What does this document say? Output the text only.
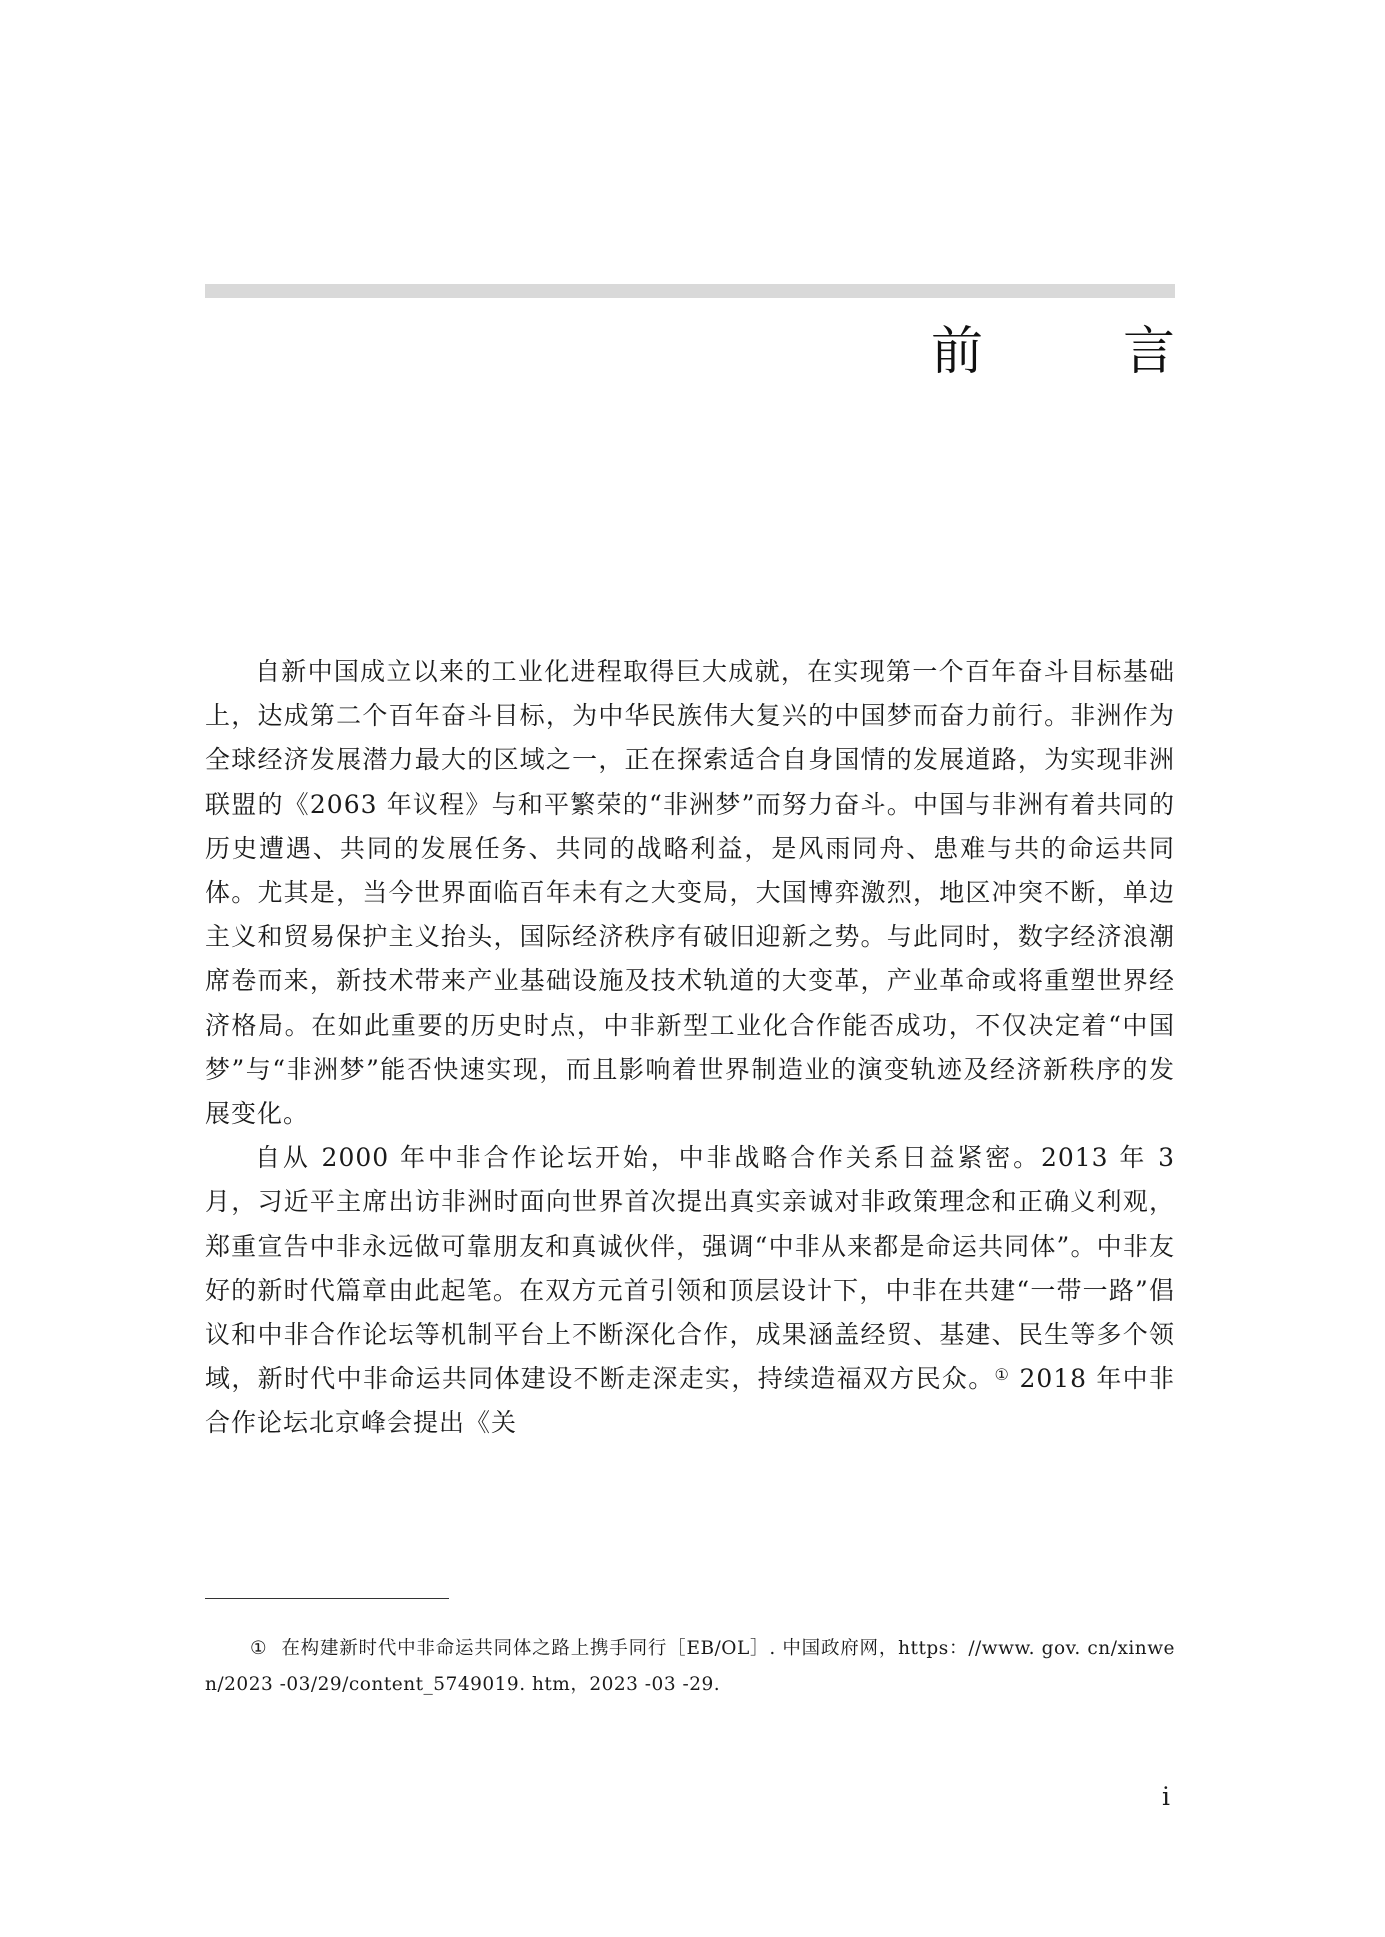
前　言

自新中国成立以来的工业化进程取得巨大成就，在实现第一个百年奋斗目标基础上，达成第二个百年奋斗目标，为中华民族伟大复兴的中国梦而奋力前行。非洲作为全球经济发展潜力最大的区域之一，正在探索适合自身国情的发展道路，为实现非洲联盟的《2063 年议程》与和平繁荣的“非洲梦”而努力奋斗。中国与非洲有着共同的历史遭遇、共同的发展任务、共同的战略利益，是风雨同舟、患难与共的命运共同体。尤其是，当今世界面临百年未有之大变局，大国博弈激烈，地区冲突不断，单边主义和贸易保护主义抬头，国际经济秩序有破旧迎新之势。与此同时，数字经济浪潮席卷而来，新技术带来产业基础设施及技术轨道的大变革，产业革命或将重塑世界经济格局。在如此重要的历史时点，中非新型工业化合作能否成功，不仅决定着“中国梦”与“非洲梦”能否快速实现，而且影响着世界制造业的演变轨迹及经济新秩序的发展变化。

自从 2000 年中非合作论坛开始，中非战略合作关系日益紧密。2013 年 3 月，习近平主席出访非洲时面向世界首次提出真实亲诚对非政策理念和正确义利观，郑重宣告中非永远做可靠朋友和真诚伙伴，强调“中非从来都是命运共同体”。中非友好的新时代篇章由此起笔。在双方元首引领和顶层设计下，中非在共建“一带一路”倡议和中非合作论坛等机制平台上不断深化合作，成果涵盖经贸、基建、民生等多个领域，新时代中非命运共同体建设不断走深走实，持续造福双方民众。① 2018 年中非合作论坛北京峰会提出《关

① 在构建新时代中非命运共同体之路上携手同行［EB/OL］. 中国政府网，https：//www. gov. cn/xinwen/2023 -03/29/content_5749019. htm，2023 -03 -29.
i
